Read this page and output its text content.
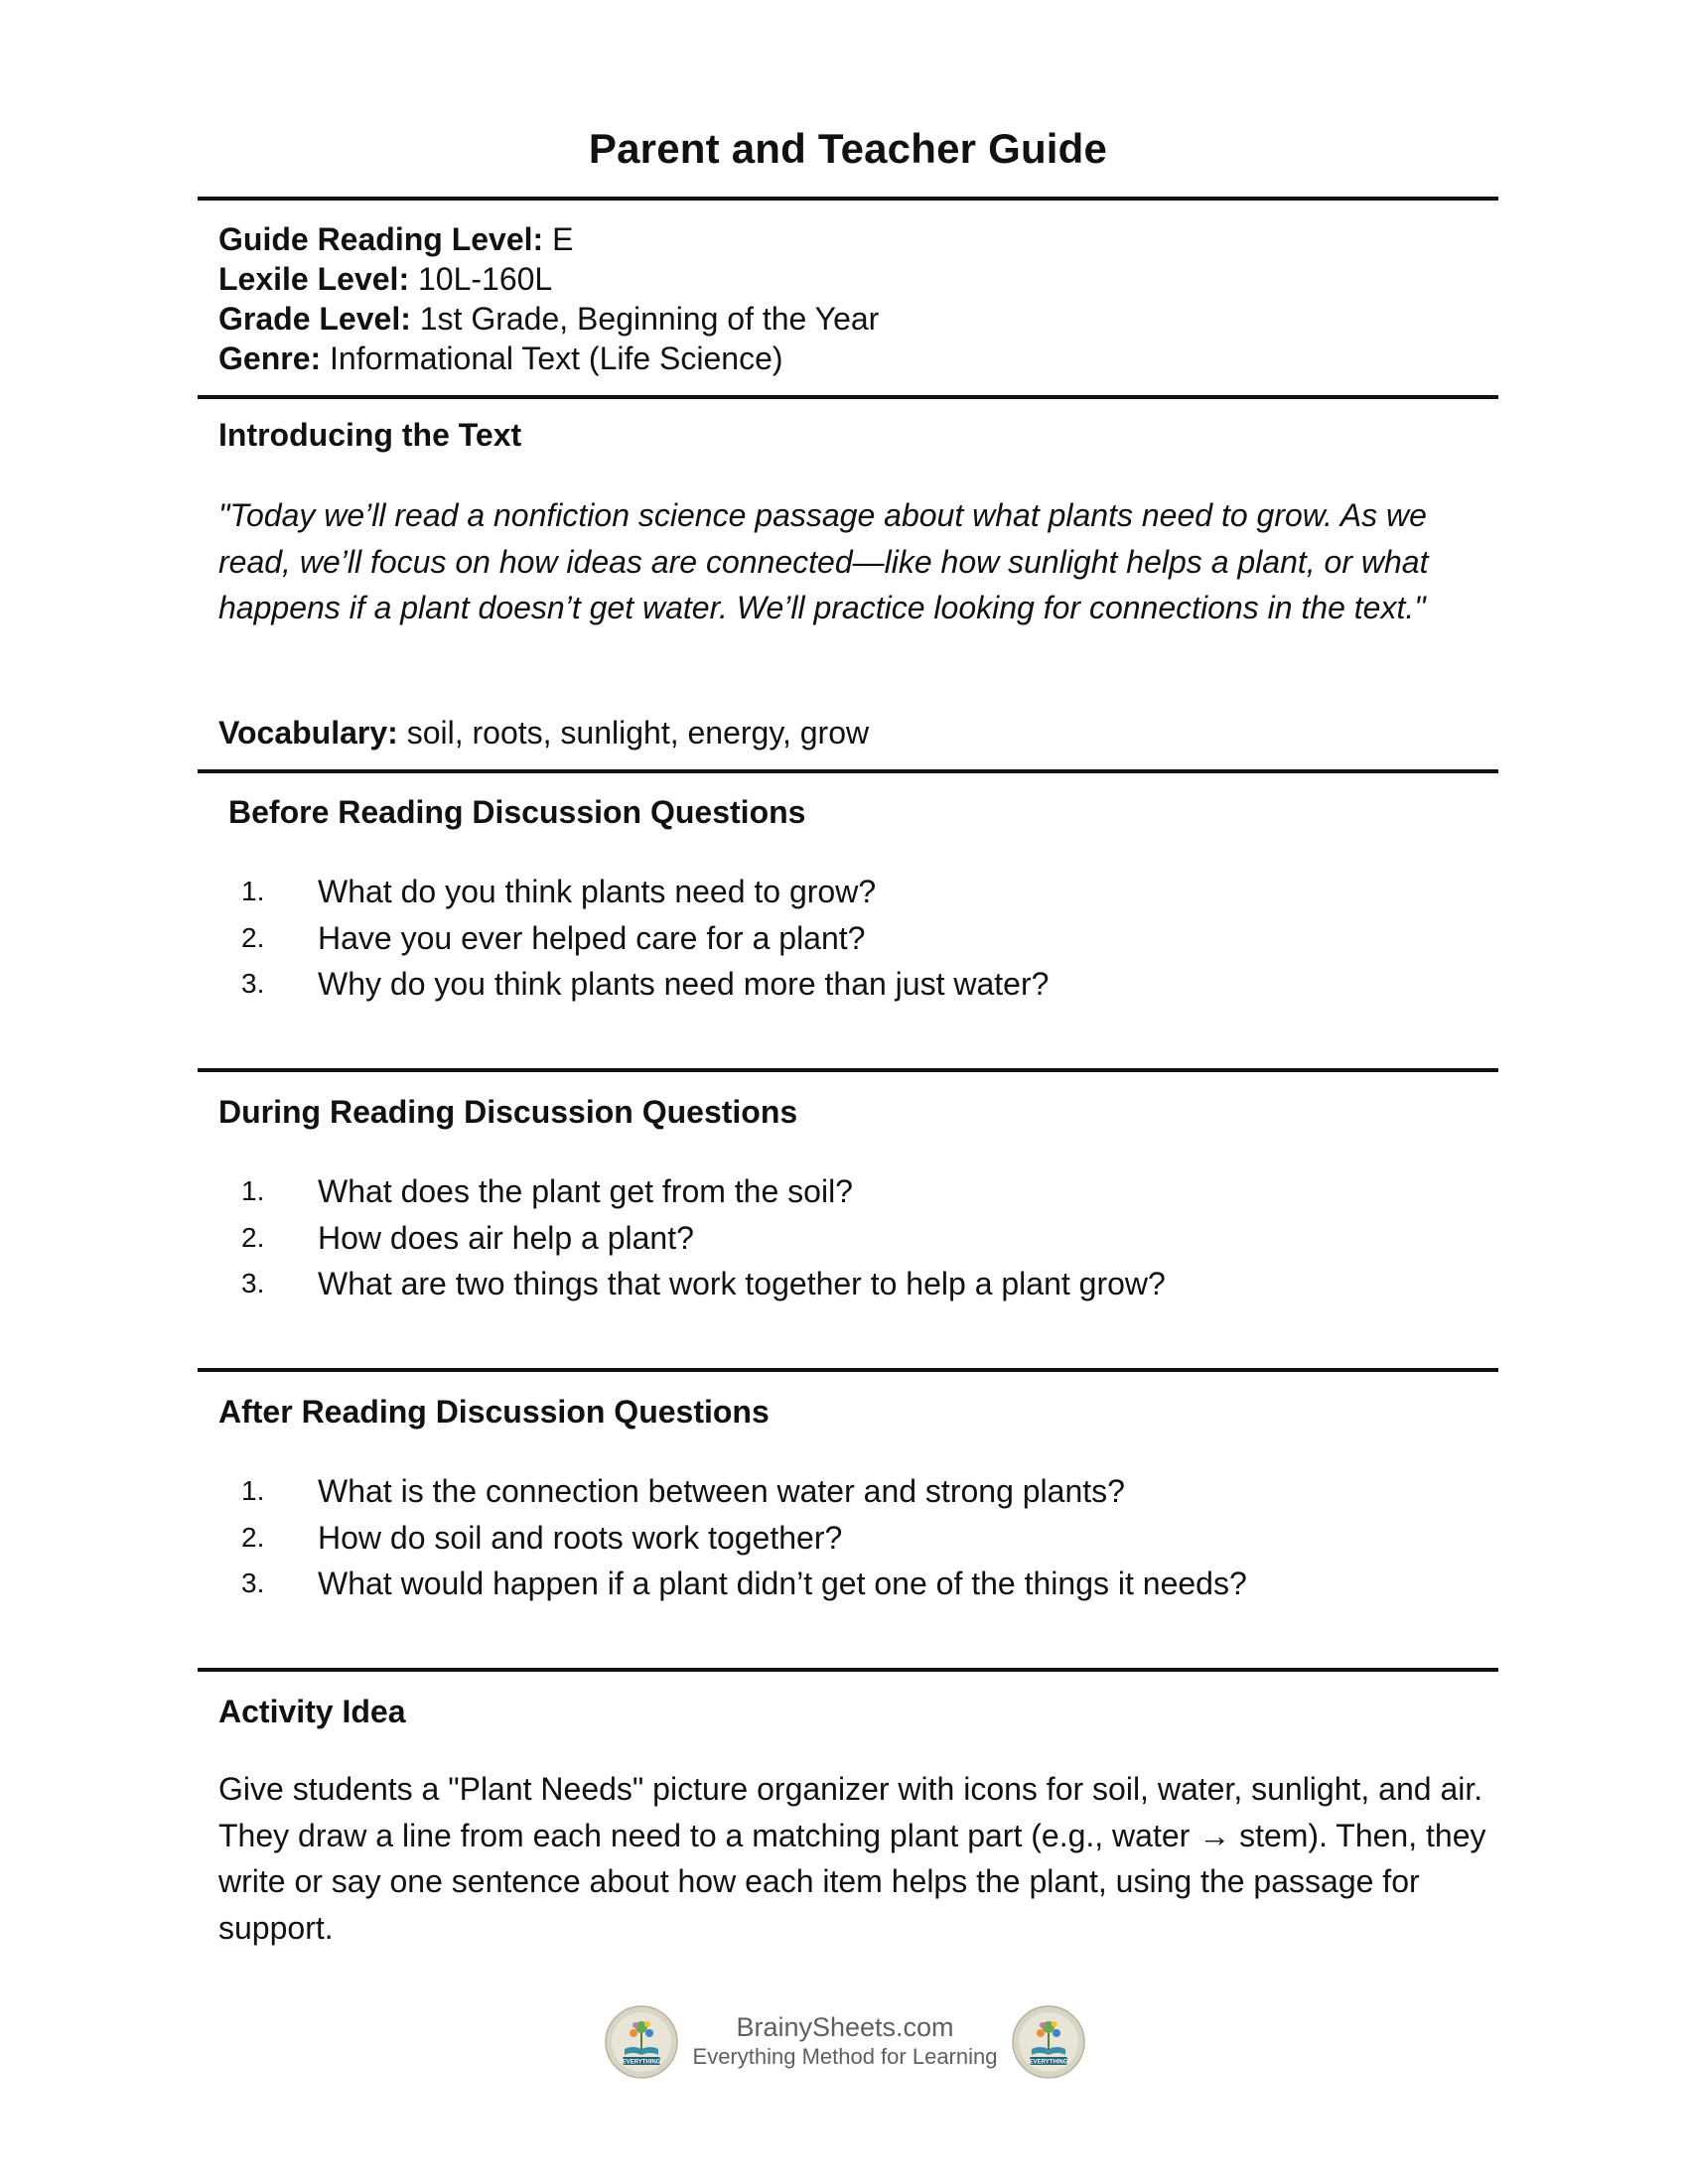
Parent and Teacher Guide
Guide Reading Level: E
Lexile Level: 10L-160L
Grade Level: 1st Grade, Beginning of the Year
Genre: Informational Text (Life Science)
Introducing the Text
"Today we’ll read a nonfiction science passage about what plants need to grow. As we read, we’ll focus on how ideas are connected—like how sunlight helps a plant, or what happens if a plant doesn’t get water. We’ll practice looking for connections in the text."
Vocabulary: soil, roots, sunlight, energy, grow
Before Reading Discussion Questions
1.	What do you think plants need to grow?
2.	Have you ever helped care for a plant?
3.	Why do you think plants need more than just water?
During Reading Discussion Questions
1.	What does the plant get from the soil?
2.	How does air help a plant?
3.	What are two things that work together to help a plant grow?
After Reading Discussion Questions
1.	What is the connection between water and strong plants?
2.	How do soil and roots work together?
3.	What would happen if a plant didn’t get one of the things it needs?
Activity Idea
Give students a "Plant Needs" picture organizer with icons for soil, water, sunlight, and air. They draw a line from each need to a matching plant part (e.g., water → stem). Then, they write or say one sentence about how each item helps the plant, using the passage for support.
EVERYTHING
BrainySheets.com
Everything Method for Learning	EVERYTHING
